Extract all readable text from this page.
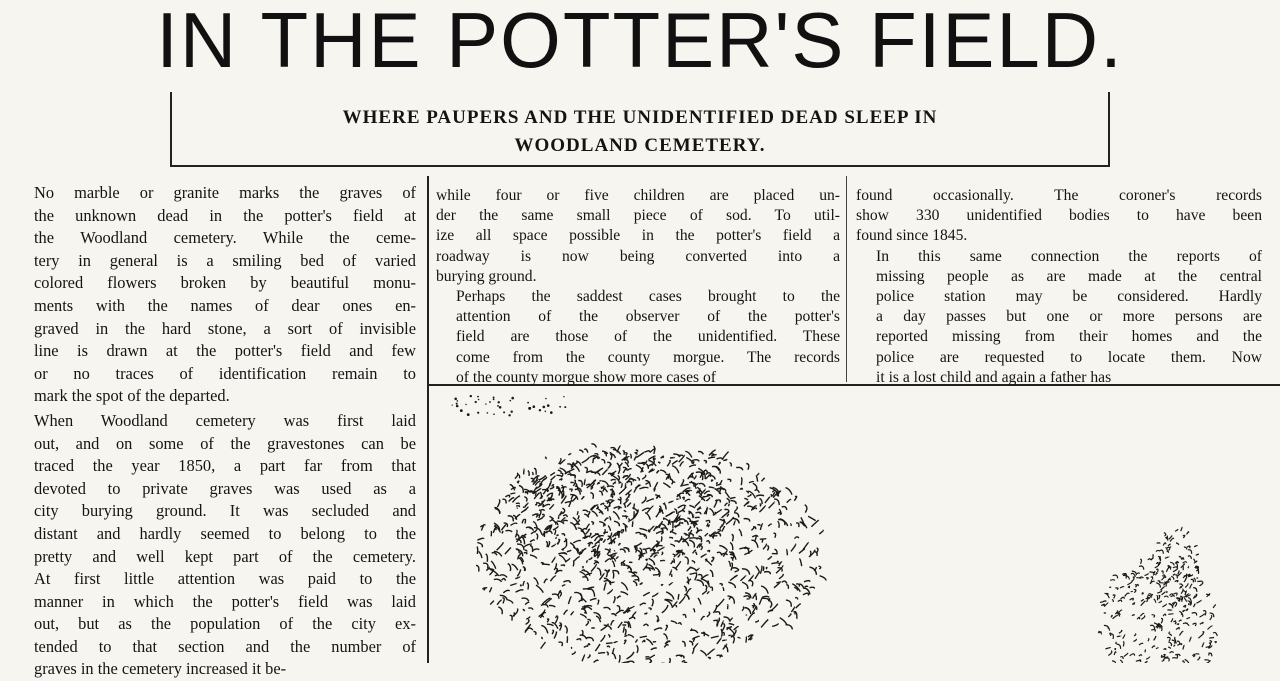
IN THE POTTER'S FIELD.
WHERE PAUPERS AND THE UNIDENTIFIED DEAD SLEEP IN
WOODLAND CEMETERY.

No marble or granite marks the graves of
the unknown dead in the potter's field at
the Woodland cemetery. While the ceme-
tery in general is a smiling bed of varied
colored flowers broken by beautiful monu-
ments with the names of dear ones en-
graved in the hard stone, a sort of invisible
line is drawn at the potter's field and few
or no traces of identification remain to
mark the spot of the departed.

When Woodland cemetery was first laid
out, and on some of the gravestones can be
traced the year 1850, a part far from that
devoted to private graves was used as a
city burying ground. It was secluded and
distant and hardly seemed to belong to the
pretty and well kept part of the cemetery.
At first little attention was paid to the
manner in which the potter's field was laid
out, but as the population of the city ex-
tended to that section and the number of
graves in the cemetery increased it be-

while four or five children are placed un-
der the same small piece of sod. To util-
ize all space possible in the potter's field a
roadway is now being converted into a
burying ground.

Perhaps the saddest cases brought to the
attention of the observer of the potter's
field are those of the unidentified. These
come from the county morgue. The records
of the county morgue show more cases of

found occasionally. The coroner's records
show 330 unidentified bodies to have been
found since 1845.

In this same connection the reports of
missing people as are made at the central
police station may be considered. Hardly
a day passes but one or more persons are
reported missing from their homes and the
police are requested to locate them. Now
it is a lost child and again a father has
